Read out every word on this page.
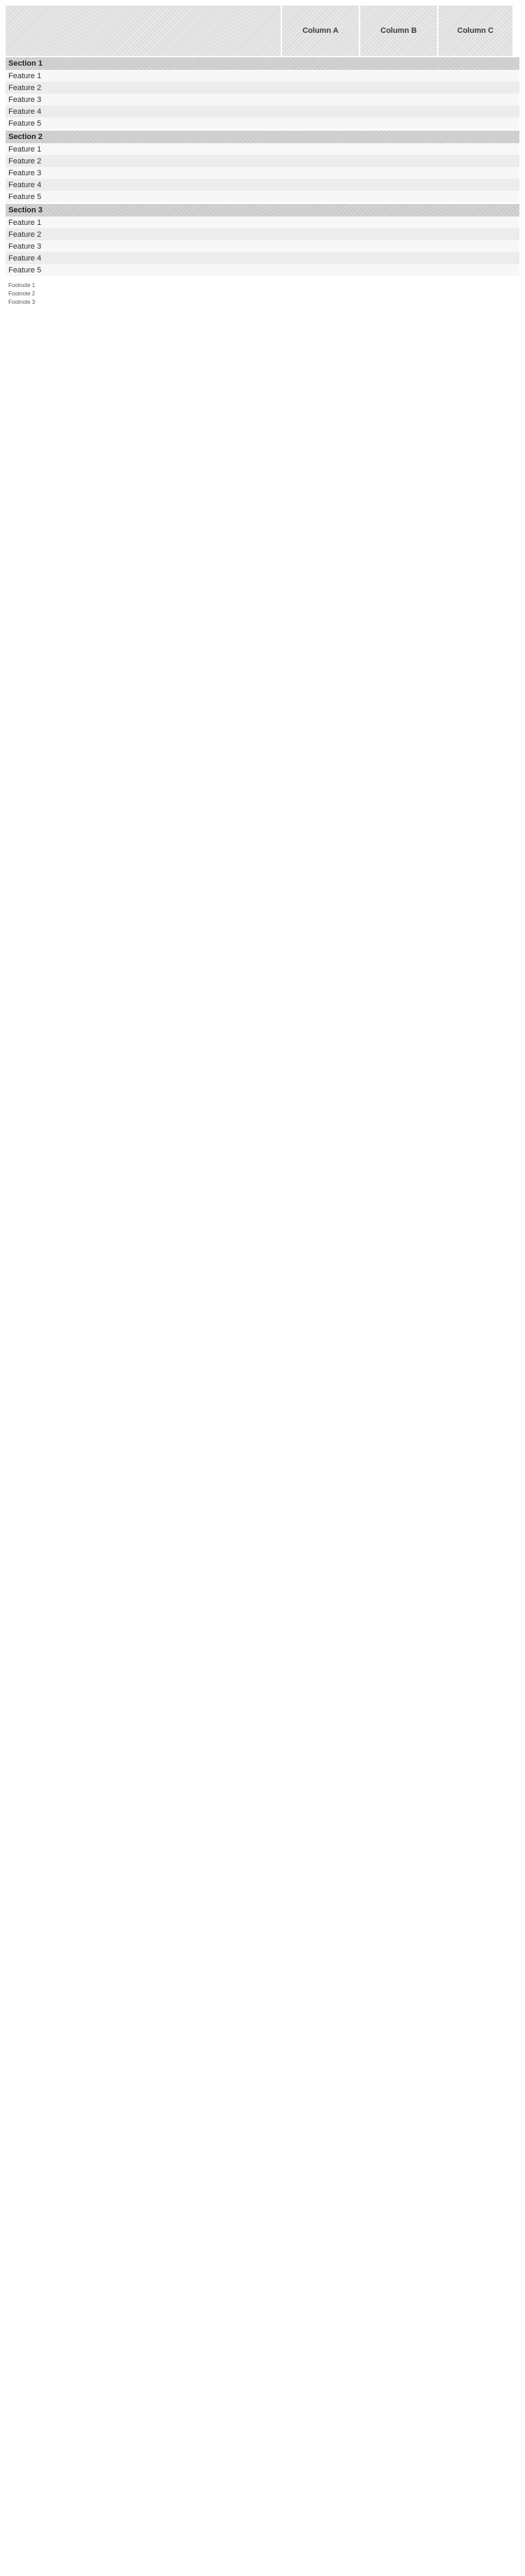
Column A	Column B	Column C
Section 1
Feature 1
Feature 2
Feature 3
Feature 4
Feature 5
Section 2
Feature 1
Feature 2
Feature 3
Feature 4
Feature 5
Section 3
Feature 1
Feature 2
Feature 3
Feature 4
Feature 5
Footnote 1
Footnote 2
Footnote 3
